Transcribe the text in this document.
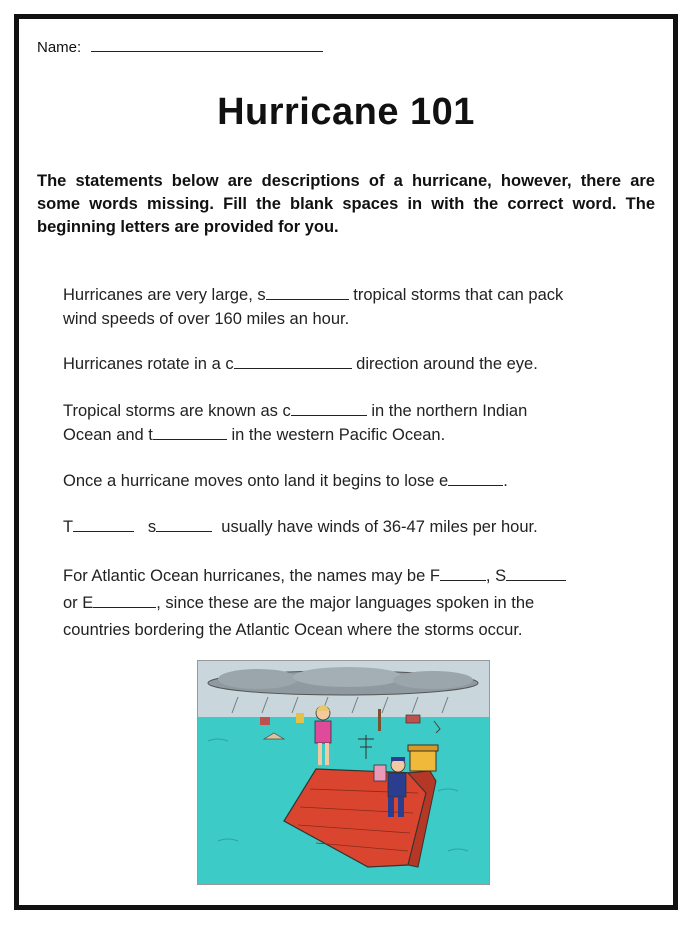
Name:
Hurricane 101
The statements below are descriptions of a hurricane, however, there are some words missing. Fill the blank spaces in with the correct word. The beginning letters are provided for you.
Hurricanes are very large, s	tropical storms that can pack
wind speeds of over 160 miles an hour.
Hurricanes rotate in a c	direction around the eye.
Tropical storms are known as c	in the northern Indian
Ocean and t	in the western Pacific Ocean.
Once a hurricane moves onto land it begins to lose e	.
T	s	usually have winds of 36-47 miles per hour.
For Atlantic Ocean hurricanes, the names may be F	, S
or E	, since these are the major languages spoken in the
countries bordering the Atlantic Ocean where the storms occur.
